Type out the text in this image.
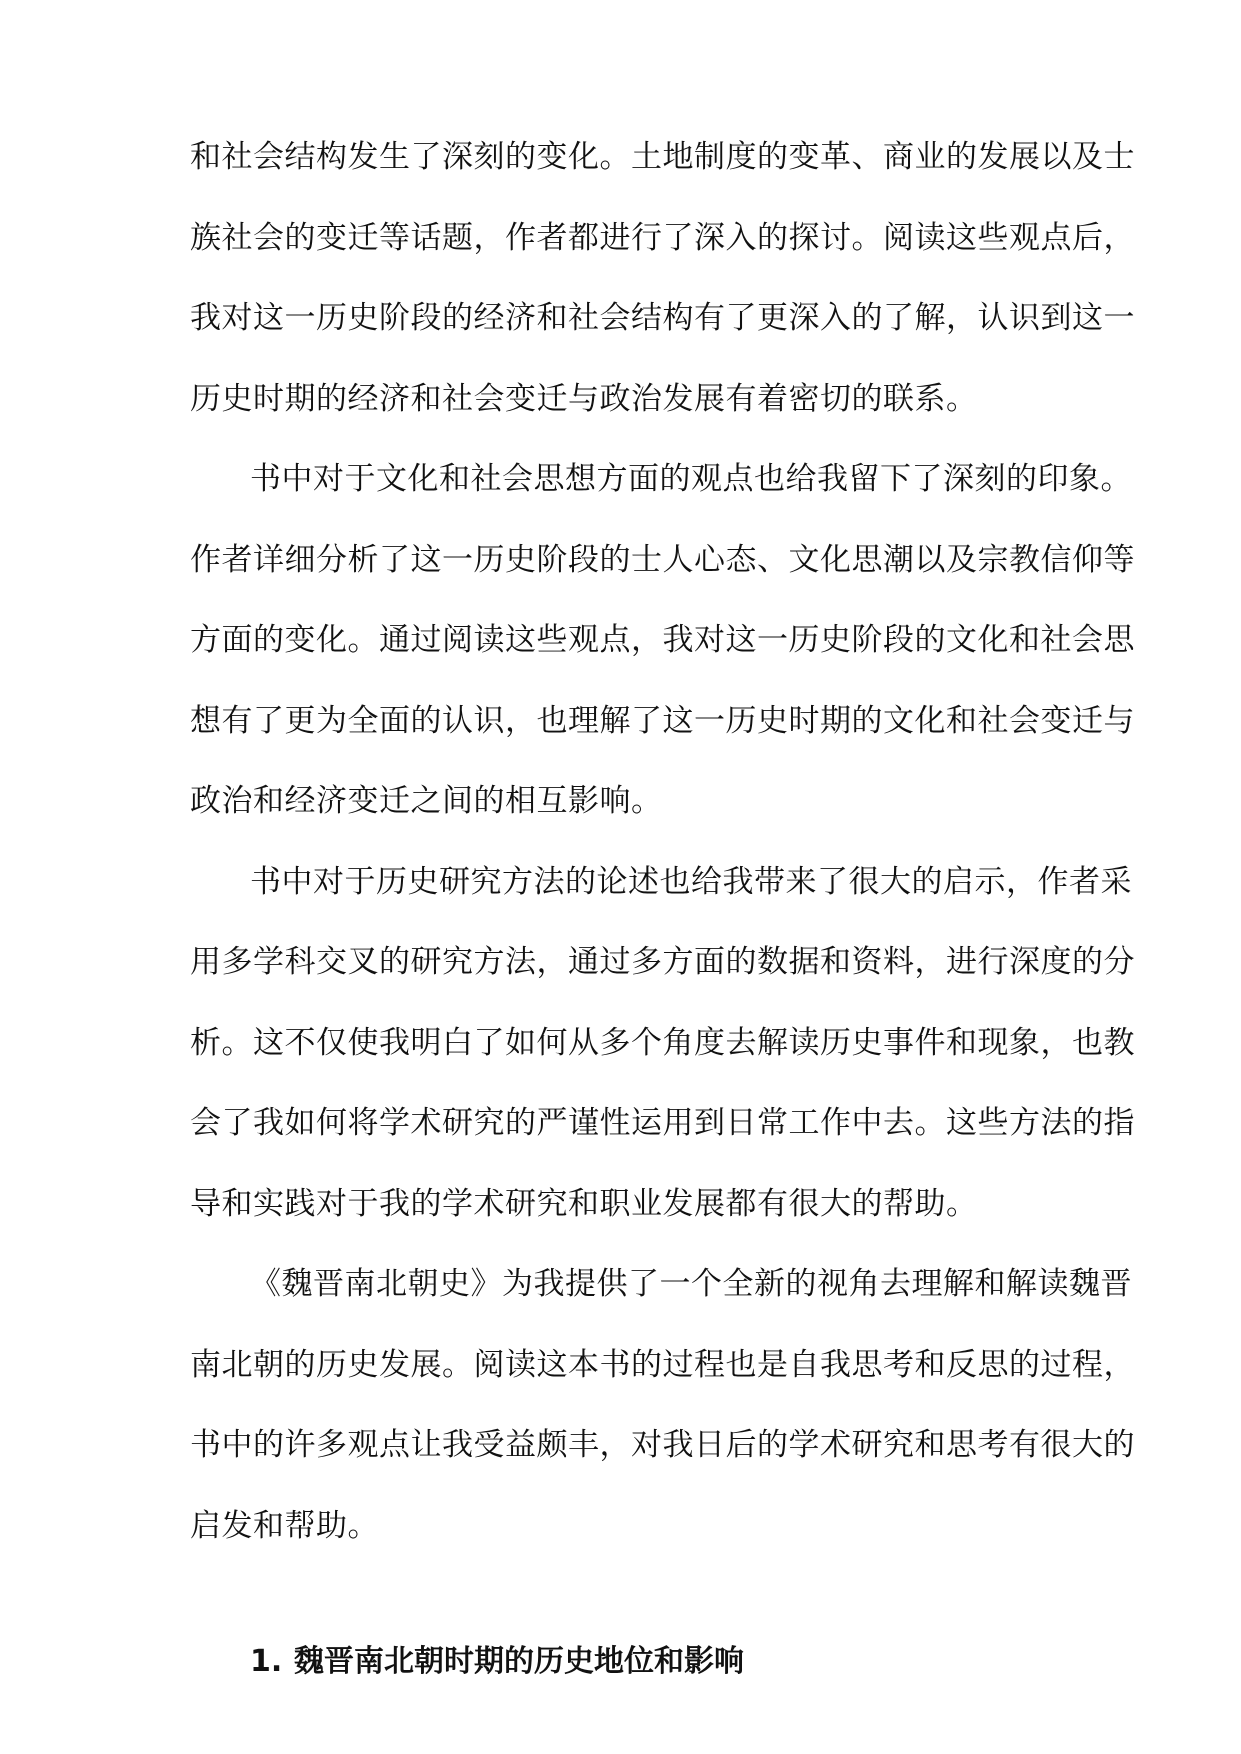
和社会结构发生了深刻的变化。土地制度的变革、商业的发展以及士
族社会的变迁等话题，作者都进行了深入的探讨。阅读这些观点后，
我对这一历史阶段的经济和社会结构有了更深入的了解，认识到这一
历史时期的经济和社会变迁与政治发展有着密切的联系。
书中对于文化和社会思想方面的观点也给我留下了深刻的印象。
作者详细分析了这一历史阶段的士人心态、文化思潮以及宗教信仰等
方面的变化。通过阅读这些观点，我对这一历史阶段的文化和社会思
想有了更为全面的认识，也理解了这一历史时期的文化和社会变迁与
政治和经济变迁之间的相互影响。
书中对于历史研究方法的论述也给我带来了很大的启示，作者采
用多学科交叉的研究方法，通过多方面的数据和资料，进行深度的分
析。这不仅使我明白了如何从多个角度去解读历史事件和现象，也教
会了我如何将学术研究的严谨性运用到日常工作中去。这些方法的指
导和实践对于我的学术研究和职业发展都有很大的帮助。
《魏晋南北朝史》为我提供了一个全新的视角去理解和解读魏晋
南北朝的历史发展。阅读这本书的过程也是自我思考和反思的过程，
书中的许多观点让我受益颇丰，对我日后的学术研究和思考有很大的
启发和帮助。
1. 魏晋南北朝时期的历史地位和影响
